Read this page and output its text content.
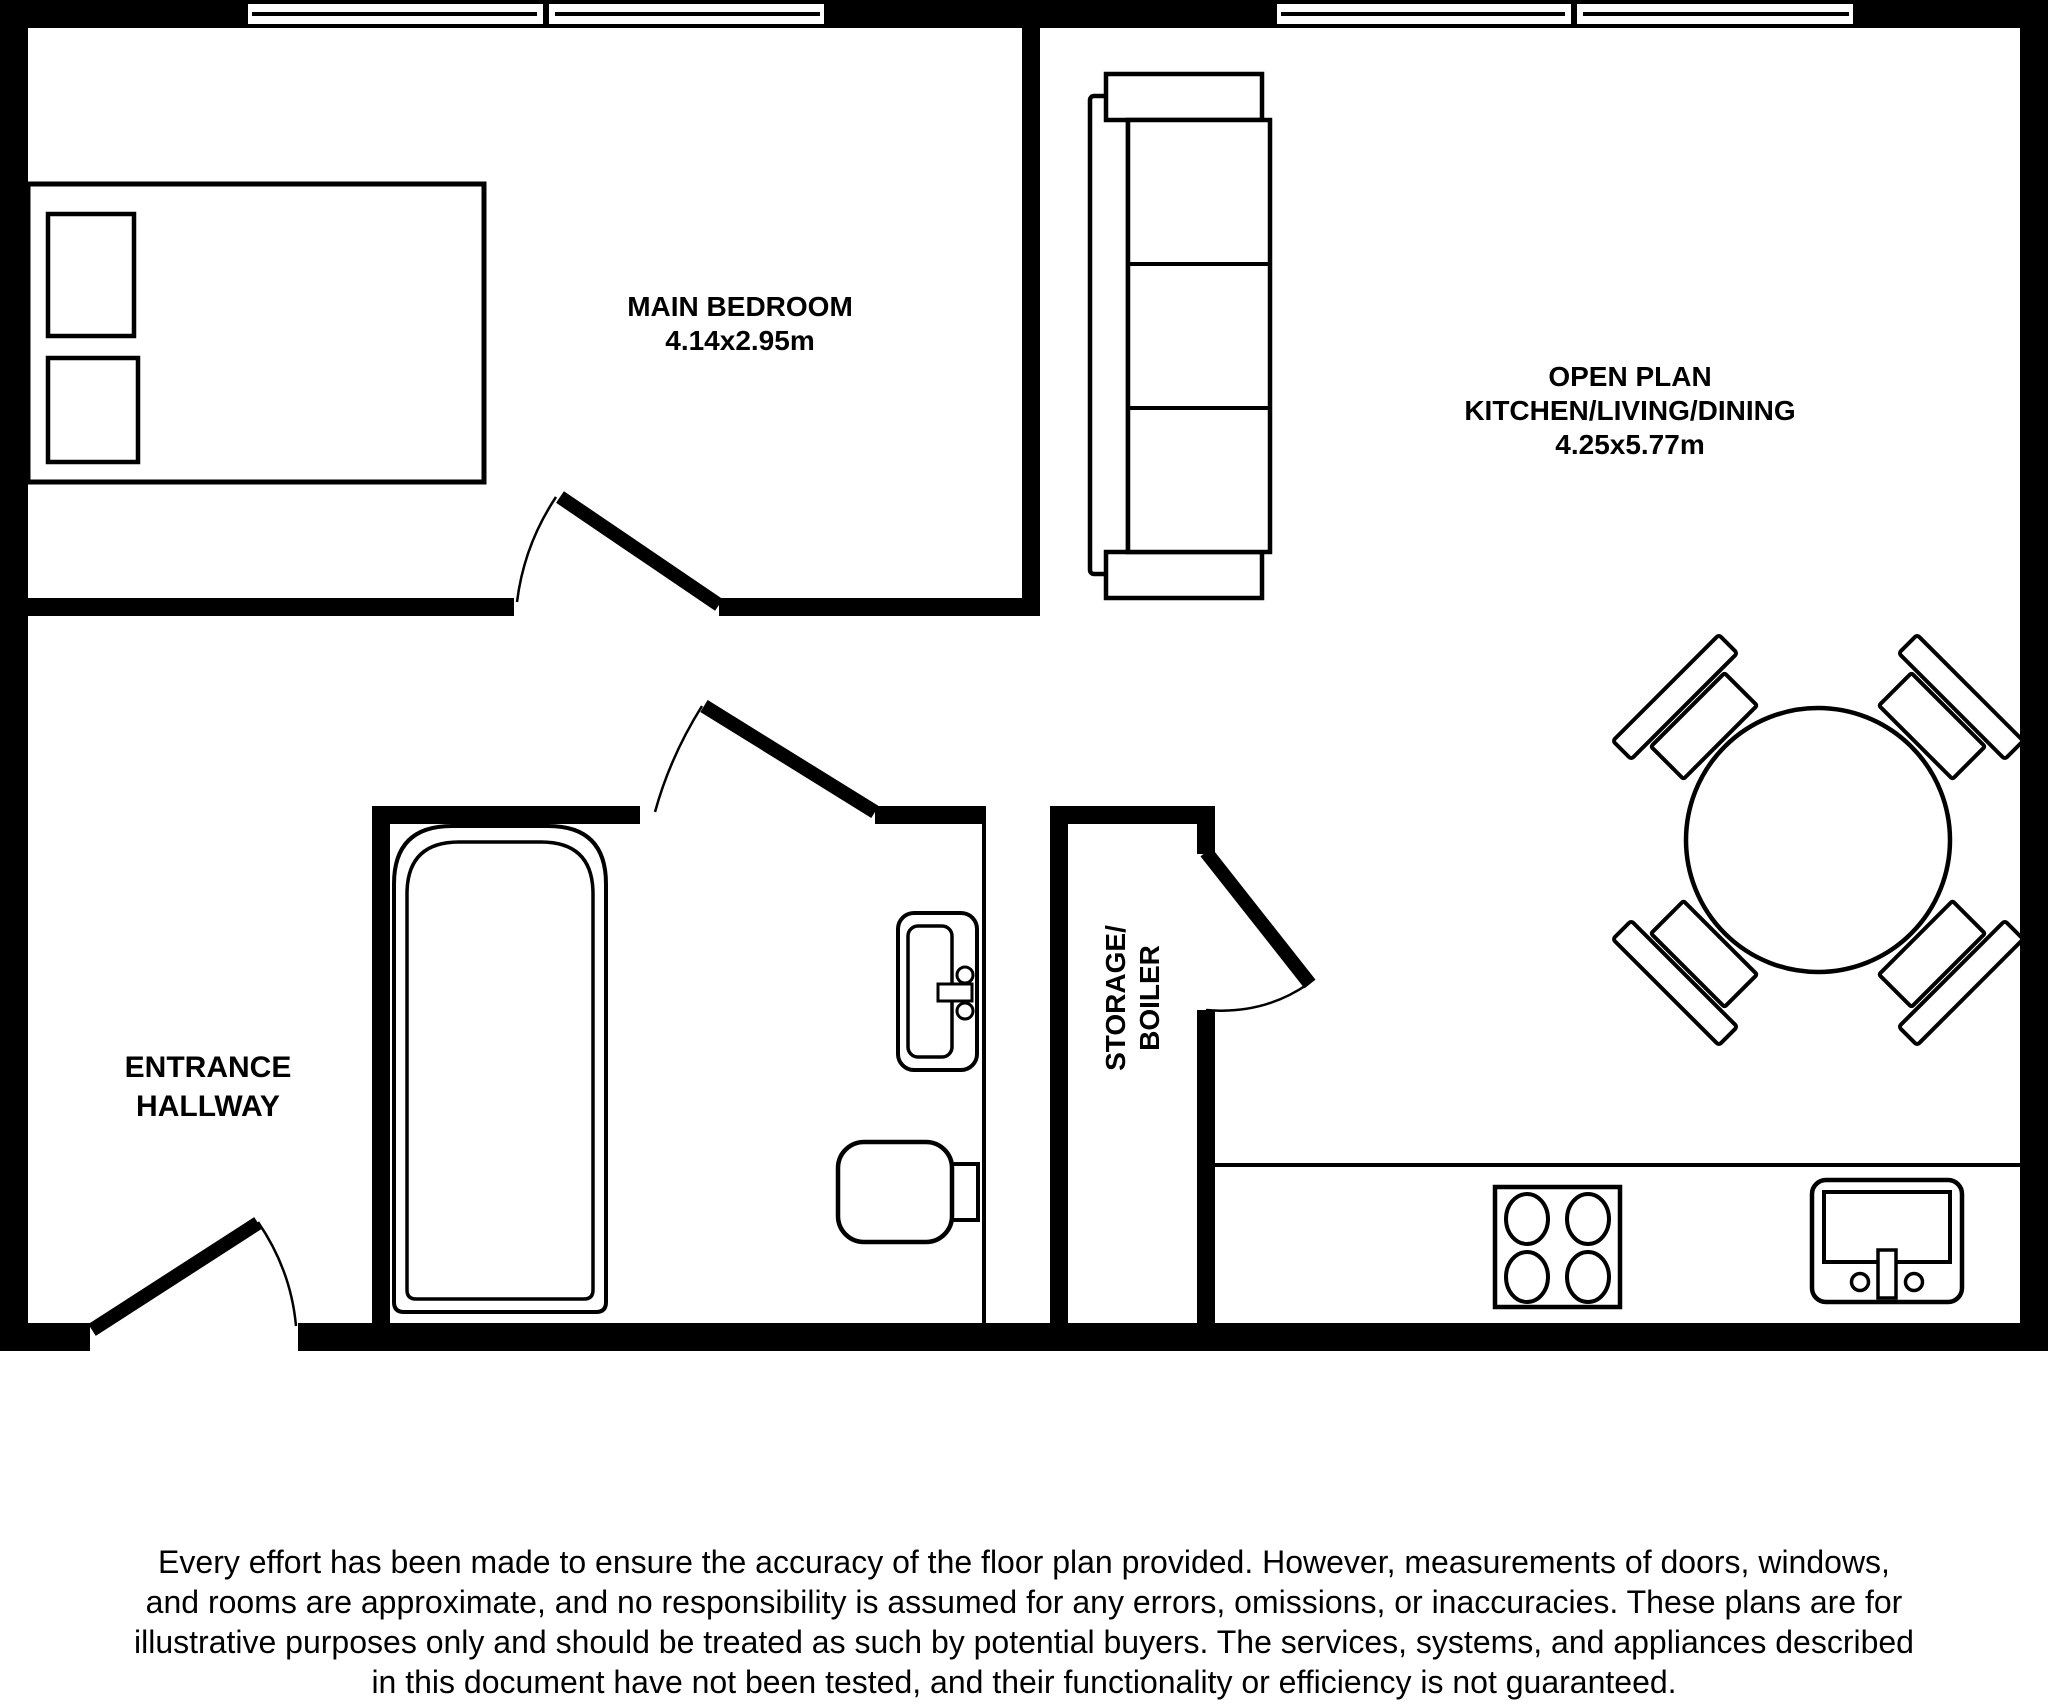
MAIN BEDROOM
4.14x2.95m
OPEN PLAN
KITCHEN/LIVING/DINING
4.25x5.77m
ENTRANCE
HALLWAY
STORAGE/ BOILER
Every effort has been made to ensure the accuracy of the floor plan provided. However, measurements of doors, windows,
and rooms are approximate, and no responsibility is assumed for any errors, omissions, or inaccuracies. These plans are for
illustrative purposes only and should be treated as such by potential buyers. The services, systems, and appliances described
in this document have not been tested, and their functionality or efficiency is not guaranteed.
